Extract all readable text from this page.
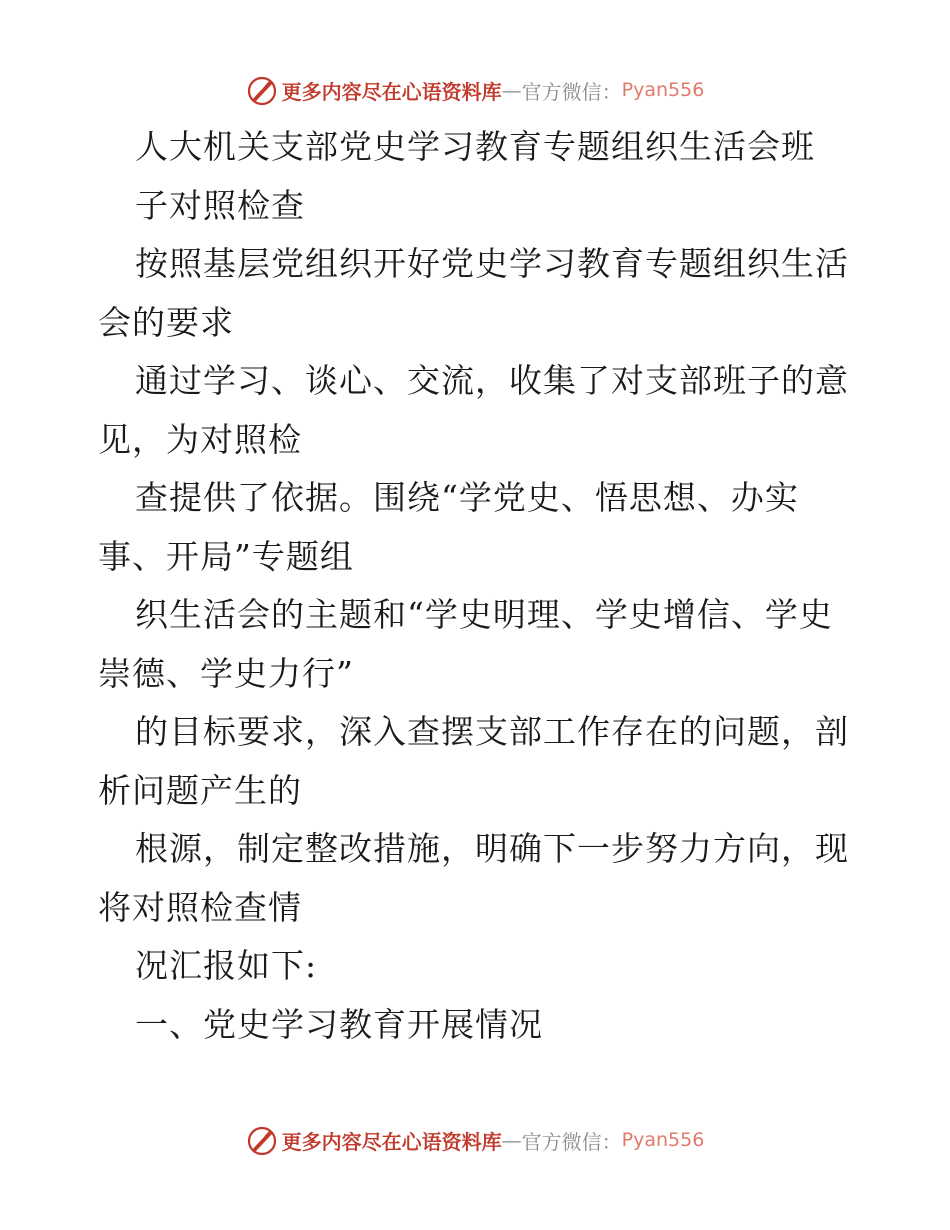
更多内容尽在心语资料库 — 官方微信： Pyan556
人大机关支部党史学习教育专题组织生活会班
子对照检查
按照基层党组织开好党史学习教育专题组织生活
会的要求
通过学习、谈心、交流，收集了对支部班子的意
见，为对照检
查提供了依据。围绕“学党史、悟思想、办实
事、开局”专题组
织生活会的主题和“学史明理、学史增信、学史
崇德、学史力行”
的目标要求，深入查摆支部工作存在的问题，剖
析问题产生的
根源，制定整改措施，明确下一步努力方向，现
将对照检查情
况汇报如下:
一、党史学习教育开展情况
更多内容尽在心语资料库 — 官方微信： Pyan556
